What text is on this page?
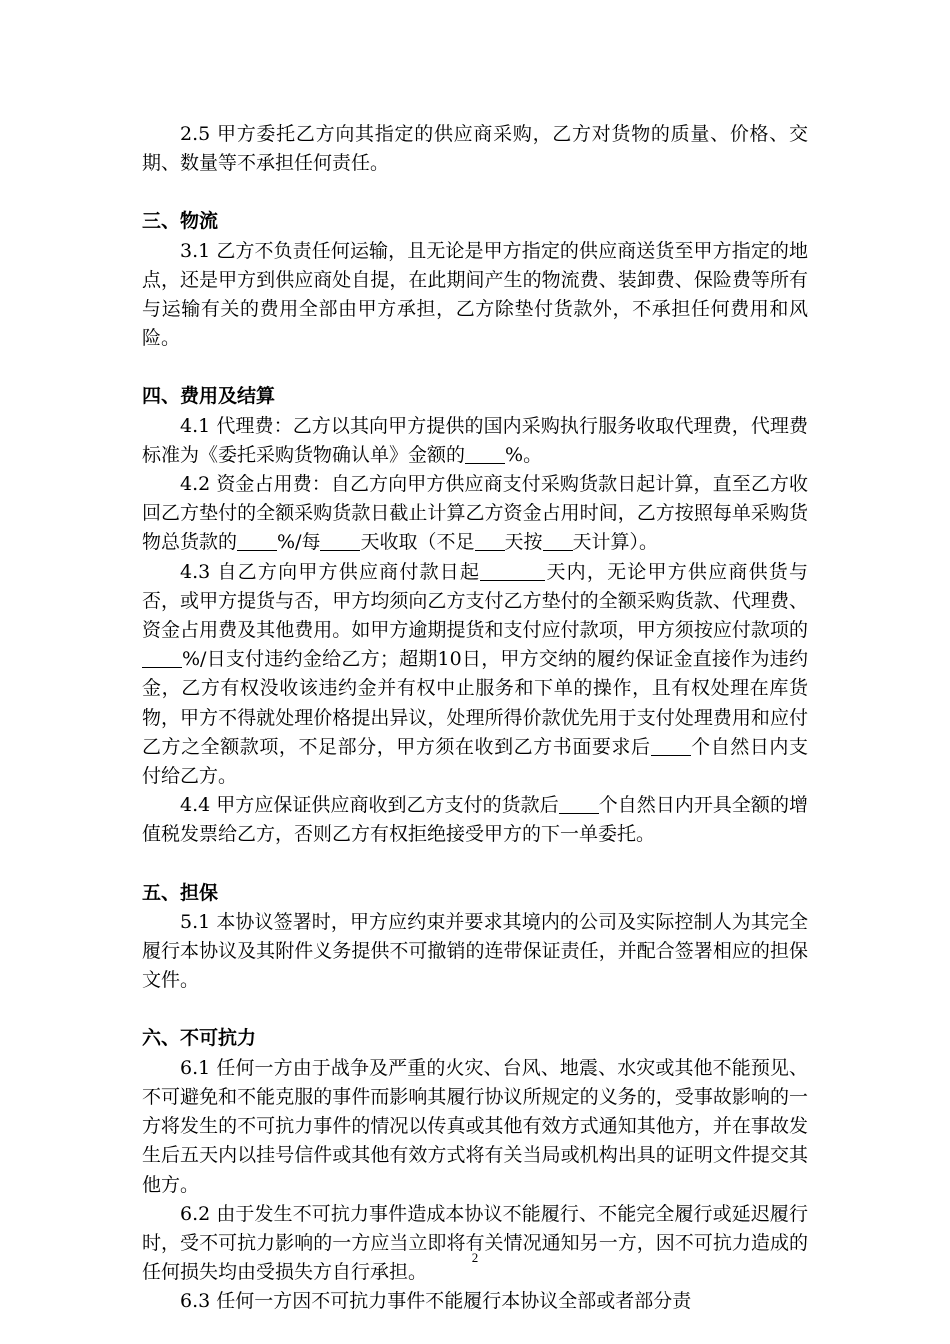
2.5 甲方委托乙方向其指定的供应商采购，乙方对货物的质量、价格、交期、数量等不承担任何责任。

三、物流

3.1 乙方不负责任何运输，且无论是甲方指定的供应商送货至甲方指定的地点，还是甲方到供应商处自提，在此期间产生的物流费、装卸费、保险费等所有与运输有关的费用全部由甲方承担，乙方除垫付货款外，不承担任何费用和风险。

四、费用及结算

4.1 代理费：乙方以其向甲方提供的国内采购执行服务收取代理费，代理费标准为《委托采购货物确认单》金额的 %。

4.2 资金占用费：自乙方向甲方供应商支付采购货款日起计算，直至乙方收回乙方垫付的全额采购货款日截止计算乙方资金占用时间，乙方按照每单采购货物总货款的 %/每 天收取（不足 天按 天计算）。

4.3 自乙方向甲方供应商付款日起	天内，无论甲方供应商供货与否，或甲方提货与否，甲方均须向乙方支付乙方垫付的全额采购货款、代理费、资金占用费及其他费用。如甲方逾期提货和支付应付款项，甲方须按应付款项的%/日支付违约金给乙方；超期10日，甲方交纳的履约保证金直接作为违约金，乙方有权没收该违约金并有权中止服务和下单的操作，且有权处理在库货物，甲方不得就处理价格提出异议，处理所得价款优先用于支付处理费用和应付乙方之全额款项，不足部分，甲方须在收到乙方书面要求后 个自然日内支付给乙方。

4.4 甲方应保证供应商收到乙方支付的货款后 个自然日内开具全额的增值税发票给乙方，否则乙方有权拒绝接受甲方的下一单委托。

五、担保

5.1 本协议签署时，甲方应约束并要求其境内的公司及实际控制人为其完全履行本协议及其附件义务提供不可撤销的连带保证责任，并配合签署相应的担保文件。

六、不可抗力

6.1 任何一方由于战争及严重的火灾、台风、地震、水灾或其他不能预见、不可避免和不能克服的事件而影响其履行协议所规定的义务的，受事故影响的一方将发生的不可抗力事件的情况以传真或其他有效方式通知其他方，并在事故发生后五天内以挂号信件或其他有效方式将有关当局或机构出具的证明文件提交其他方。

6.2 由于发生不可抗力事件造成本协议不能履行、不能完全履行或延迟履行时，受不可抗力影响的一方应当立即将有关情况通知另一方，因不可抗力造成的任何损失均由受损失方自行承担。

6.3 任何一方因不可抗力事件不能履行本协议全部或者部分责

2
